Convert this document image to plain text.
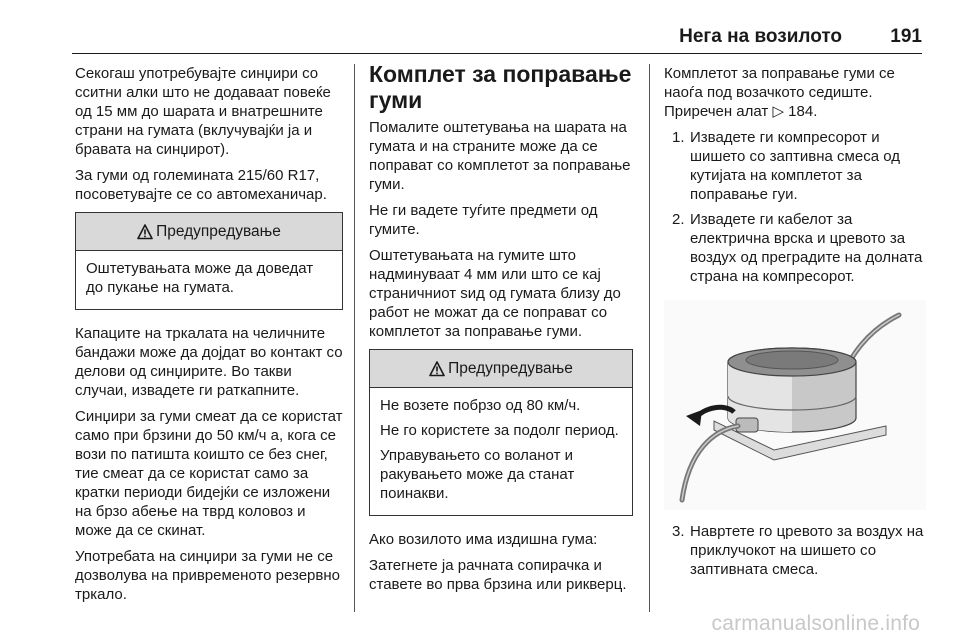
Нега на возилото	191

Секогаш употребувајте синџири со сситни алки што не додаваат повеќе од 15 мм до шарата и внатрешните страни на гумата (вклучувајќи ја и бравата на синџирот).

За гуми од големината 215/60 R17, посоветувајте се со автомеханичар.

Предупредување

Оштетувањата може да доведат до пукање на гумата.

Капаците на тркалата на челичните бандажи може да дојдат во контакт со делови од синџирите. Во такви случаи, извадете ги раткапните.

Синџири за гуми смеат да се користат само при брзини до 50 км/ч а, кога се вози по патишта коишто се без снег, тие смеат да се користат само за кратки периоди бидејќи се изложени на брзо абење на тврд коловоз и може да се скинат.

Употребата на синџири за гуми не се дозволува на привременото резервно тркало.

Комплет за поправање гуми

Помалите оштетувања на шарата на гумата и на страните може да се поправат со комплетот за поправање гуми.

Не ги вадете туѓите предмети од гумите.

Оштетувањата на гумите што надминуваат 4 мм или што се кај страничниот ѕид од гумата близу до работ не можат да се поправат со комплетот за поправање гуми.

Предупредување

Не возете побрзо од 80 км/ч.

Не го користете за подолг период.

Управувањето со воланот и ракувањето може да станат поинакви.

Ако возилото има издишна гума:

Затегнете ја рачната сопирачка и ставете во прва брзина или рикверц.

Комплетот за поправање гуми се наоѓа под возачкото седиште. Приречен алат ▷ 184.

1. Извадете ги компресорот и шишето со заптивна смеса од кутијата на комплетот за поправање гуи.
2. Извадете ги кабелот за електрична врска и цревото за воздух од преградите на долната страна на компресорот.
3. Навртете го цревото за воздух на приклучокот на шишето со заптивната смеса.
carmanualsonline.info
